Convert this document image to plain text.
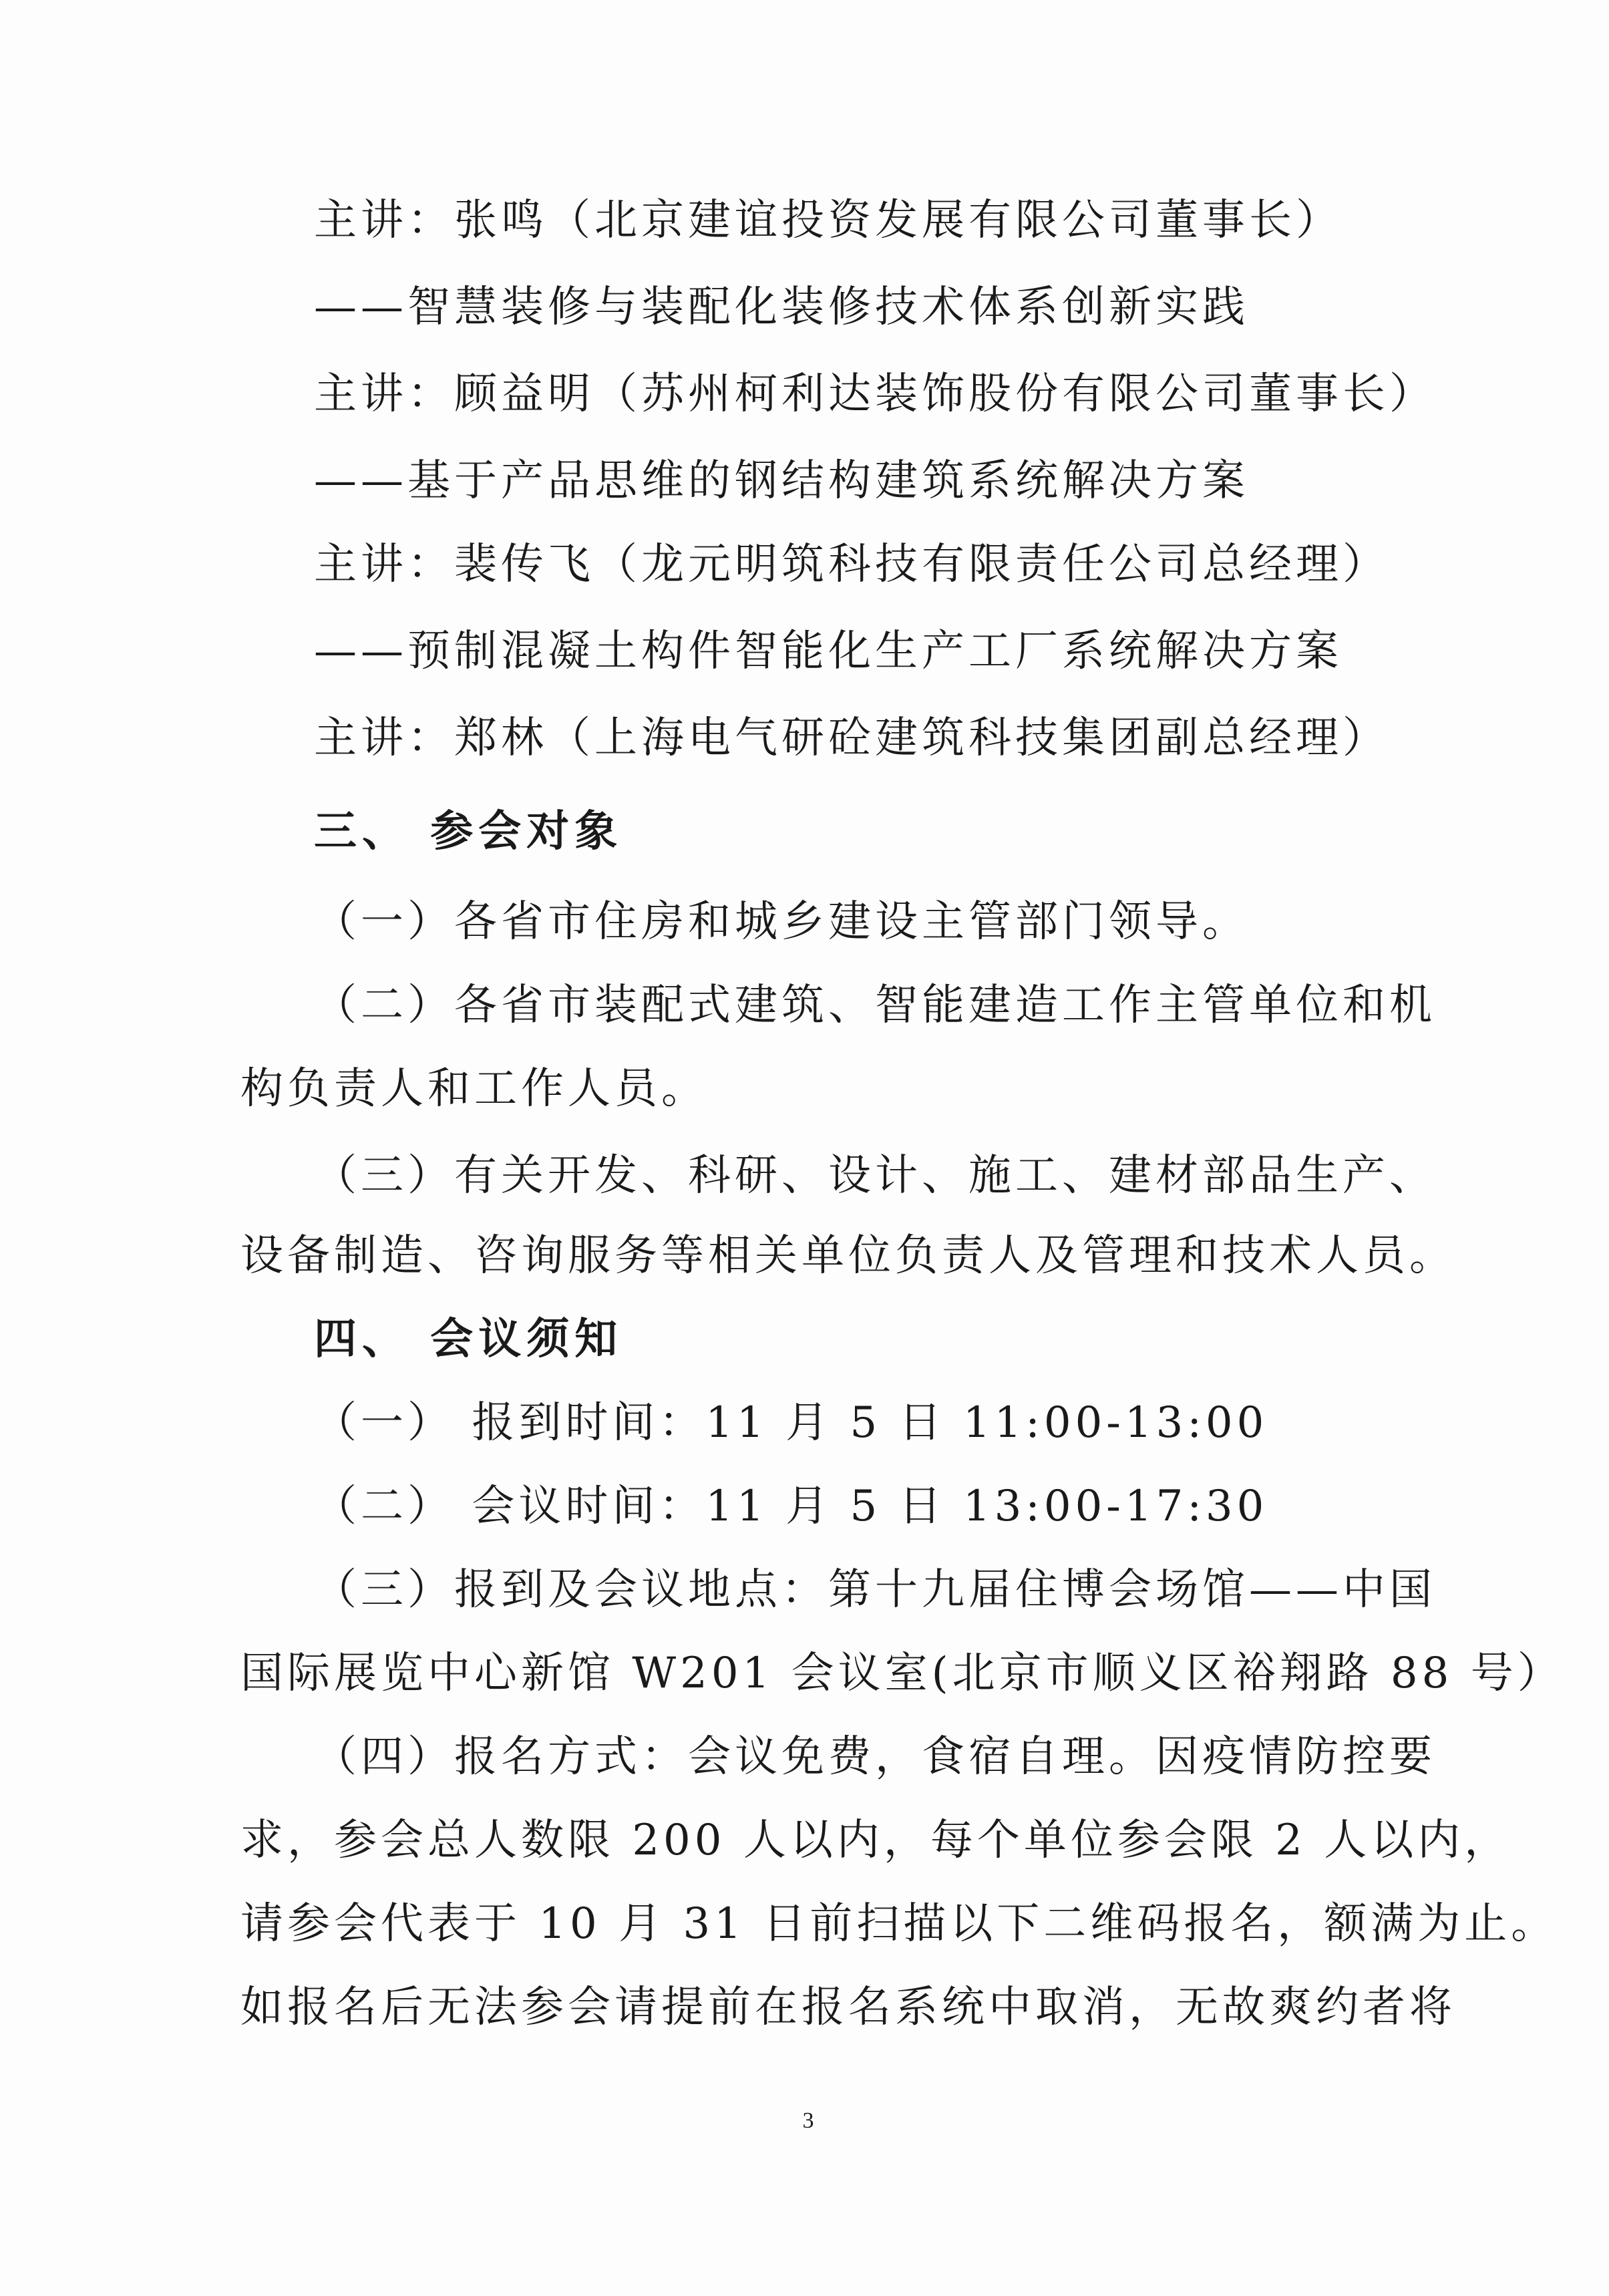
主讲：张鸣（北京建谊投资发展有限公司董事长）
——智慧装修与装配化装修技术体系创新实践
主讲：顾益明（苏州柯利达装饰股份有限公司董事长）
——基于产品思维的钢结构建筑系统解决方案
主讲：裴传飞（龙元明筑科技有限责任公司总经理）
——预制混凝土构件智能化生产工厂系统解决方案
主讲：郑林（上海电气研砼建筑科技集团副总经理）
三、 参会对象
（一）各省市住房和城乡建设主管部门领导。
（二）各省市装配式建筑、智能建造工作主管单位和机
构负责人和工作人员。
（三）有关开发、科研、设计、施工、建材部品生产、
设备制造、咨询服务等相关单位负责人及管理和技术人员。
四、 会议须知
（一） 报到时间：11 月 5 日 11:00-13:00
（二） 会议时间：11 月 5 日 13:00-17:30
（三）报到及会议地点：第十九届住博会场馆——中国
国际展览中心新馆 W201 会议室(北京市顺义区裕翔路 88 号）
（四）报名方式：会议免费，食宿自理。因疫情防控要
求，参会总人数限 200 人以内，每个单位参会限 2 人以内，
请参会代表于 10 月 31 日前扫描以下二维码报名，额满为止。
如报名后无法参会请提前在报名系统中取消，无故爽约者将
3
